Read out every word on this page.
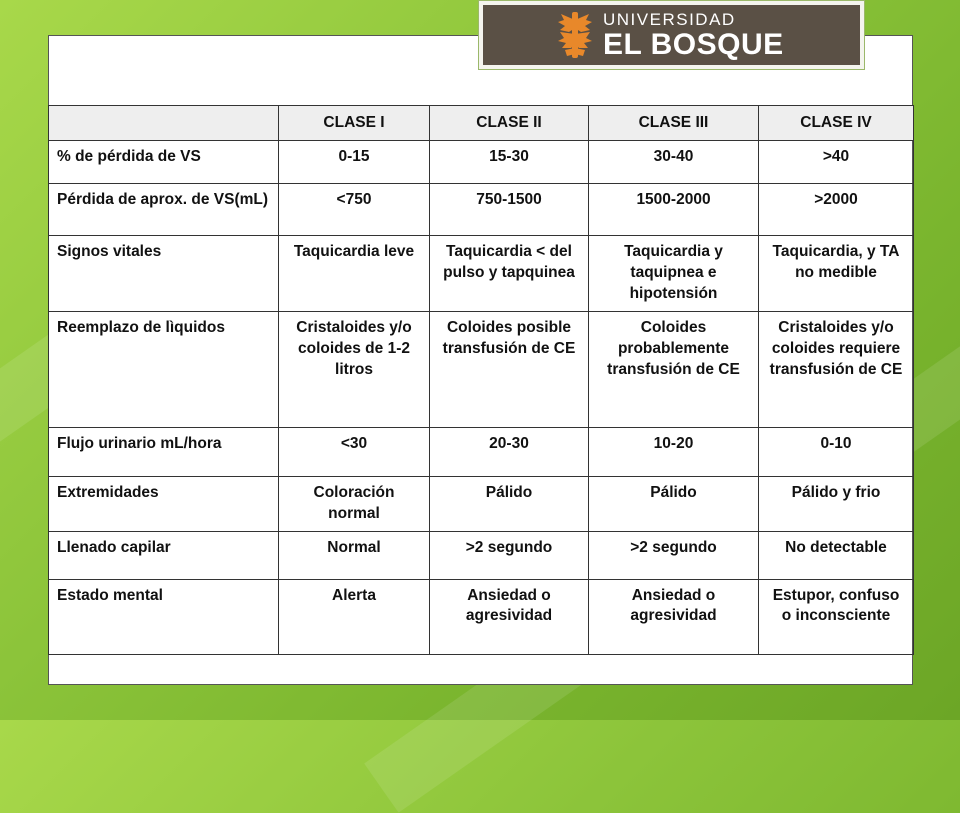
UNIVERSIDAD
EL BOSQUE
	CLASE I	CLASE II	CLASE III	CLASE IV
% de pérdida de VS	0-15	15-30	30-40	>40
Pérdida de aprox. de VS(mL)	<750	750-1500	1500-2000	>2000
Signos vitales	Taquicardia leve	Taquicardia < del pulso y tapquinea	Taquicardia y taquipnea e hipotensión	Taquicardia, y TA no medible
Reemplazo de lìquidos	Cristaloides y/o coloides de 1-2 litros	Coloides posible transfusión de CE	Coloides probablemente transfusión de CE	Cristaloides y/o coloides requiere transfusión de CE
Flujo urinario mL/hora	<30	20-30	10-20	0-10
Extremidades	Coloración normal	Pálido	Pálido	Pálido y frio
Llenado capilar	Normal	>2 segundo	>2 segundo	No detectable
Estado mental	Alerta	Ansiedad o agresividad	Ansiedad o agresividad	Estupor, confuso o inconsciente
